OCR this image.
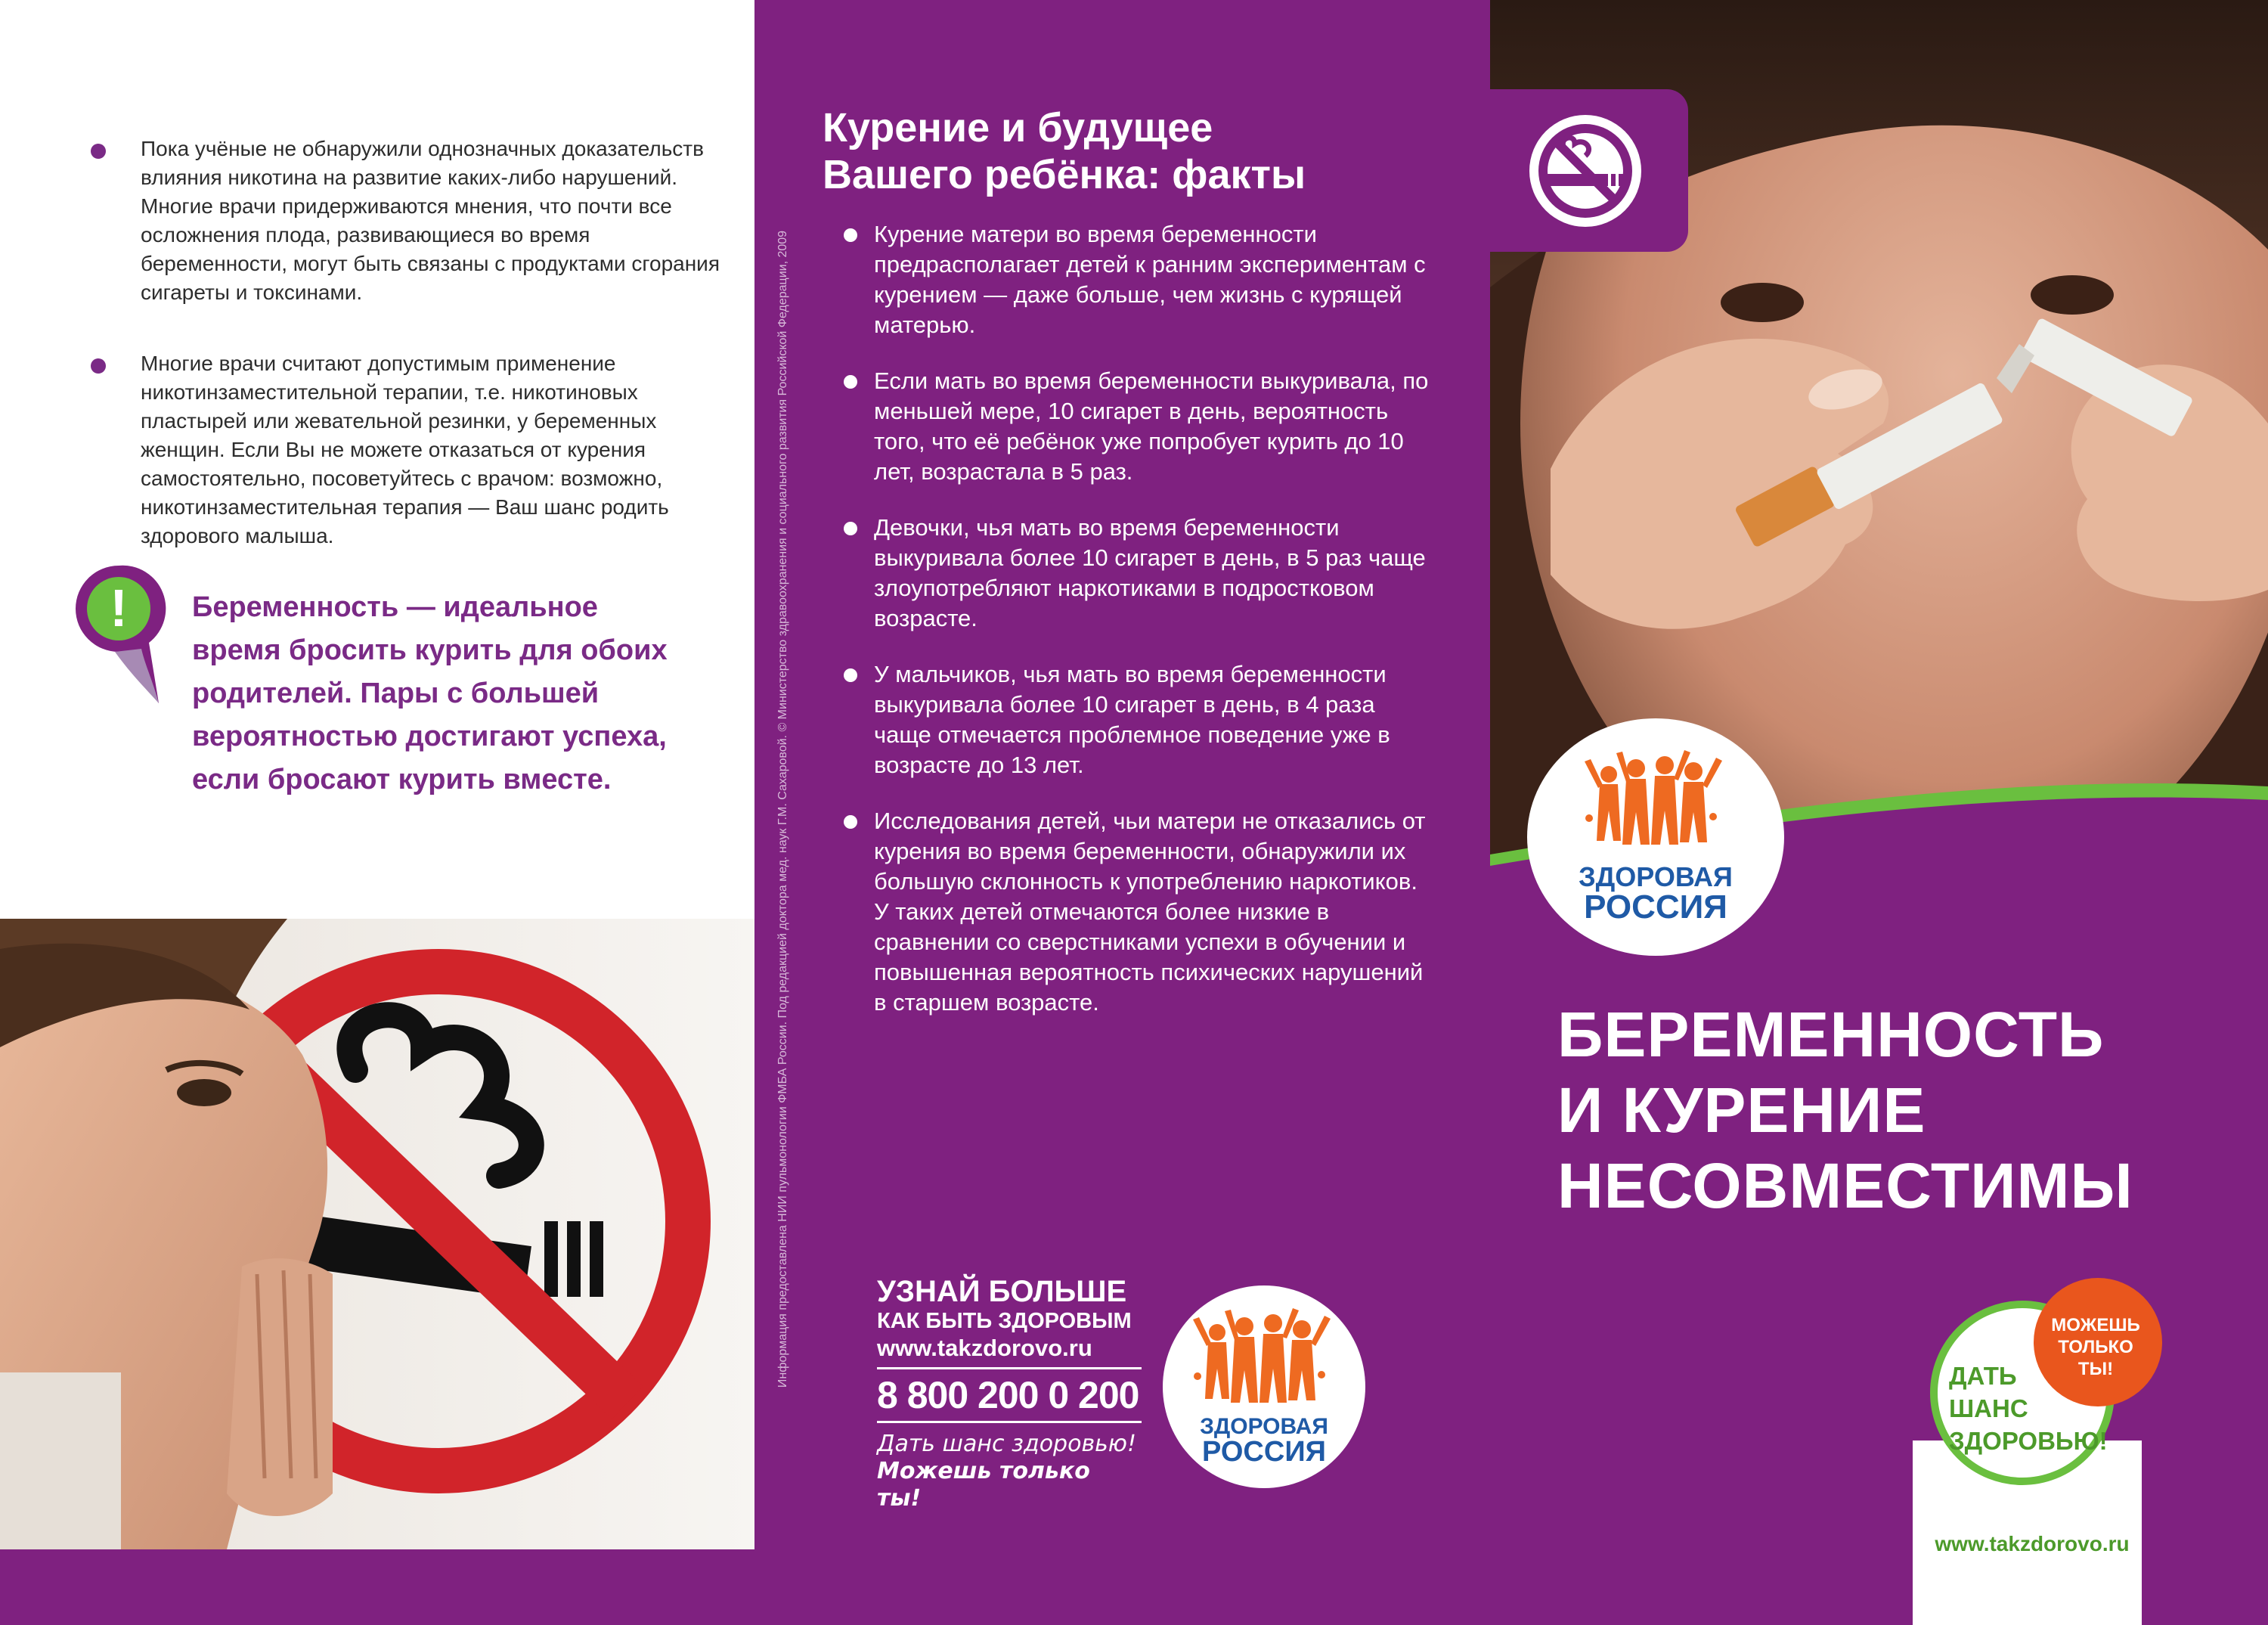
Пока учёные не обнаружили однозначных доказательств влияния никотина на развитие каких-либо нарушений. Многие врачи придерживаются мнения, что почти все осложнения плода, развивающиеся во время беременности, могут быть связаны с продуктами сгорания сигареты и токсинами.
Многие врачи считают допустимым применение никотинзаместительной терапии, т.е. никотиновых пластырей или жевательной резинки, у беременных женщин. Если Вы не можете отказаться от курения самостоятельно, посоветуйтесь с врачом: возможно, никотинзаместительная терапия — Ваш шанс родить здорового малыша.
! Беременность — идеальное время бросить курить для обоих родителей. Пары с большей вероятностью достигают успеха, если бросают курить вместе.	Информация предоставлена НИИ пульмонологии ФМБА России. Под редакцией доктора мед. наук Г.М. Сахаровой. © Министерство здравоохранения и социального развития Российской Федерации, 2009
Курение и будущее
Вашего ребёнка: факты
Курение матери во время беременности предрасполагает детей к ранним экспериментам с курением — даже больше, чем жизнь с курящей матерью.
Если мать во время беременности выкуривала, по меньшей мере, 10 сигарет в день, вероятность того, что её ребёнок уже попробует курить до 10 лет, возрастала в 5 раз.
Девочки, чья мать во время беременности выкуривала более 10 сигарет в день, в 5 раз чаще злоупотребляют наркотиками в подростковом возрасте.
У мальчиков, чья мать во время беременности выкуривала более 10 сигарет в день, в 4 раза чаще отмечается проблемное поведение уже в возрасте до 13 лет.
Исследования детей, чьи матери не отказались от курения во время беременности, обнаружили их большую склонность к употреблению наркотиков. У таких детей отмечаются более низкие в сравнении со сверстниками успехи в обучении и повышенная вероятность психических нарушений в старшем возрасте.
УЗНАЙ БОЛЬШЕ
КАК БЫТЬ ЗДОРОВЫМ
www.takzdorovo.ru
8 800 200 0 200
Дать шанс здоровью!
Можешь только ты!
ЗДОРОВАЯ
РОССИЯ
ЗДОРОВАЯ
РОССИЯ
БЕРЕМЕННОСТЬ
И КУРЕНИЕ
НЕСОВМЕСТИМЫ
МОЖЕШЬ
ТОЛЬКО
ТЫ!
ДАТЬ
ШАНС
ЗДОРОВЬЮ!
www.takzdorovo.ru
